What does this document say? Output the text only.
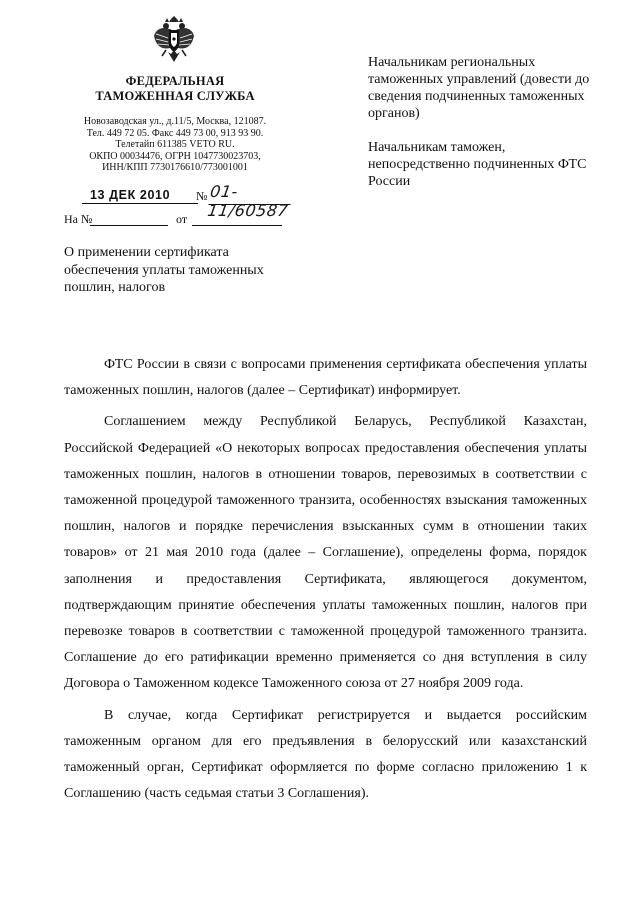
ФЕДЕРАЛЬНАЯ
ТАМОЖЕННАЯ СЛУЖБА
Новозаводская ул., д.11/5, Москва, 121087.
Тел. 449 72 05. Факс 449 73 00, 913 93 90.
Телетайп 611385 VETO RU.
ОКПО 00034476, ОГРН 1047730023703,
ИНН/КПП 7730176610/773001001
13 ДЕК 2010	№ 01-11/60587
На №	от

Начальникам региональных таможенных управлений (довести до сведения подчиненных таможенных органов)

Начальникам таможен, непосредственно подчиненных ФТС России

О применении сертификата обеспечения уплаты таможенных пошлин, налогов

ФТС России в связи с вопросами применения сертификата обеспечения уплаты таможенных пошлин, налогов (далее – Сертификат) информирует.

Соглашением между Республикой Беларусь, Республикой Казахстан, Российской Федерацией «О некоторых вопросах предоставления обеспечения уплаты таможенных пошлин, налогов в отношении товаров, перевозимых в соответствии с таможенной процедурой таможенного транзита, особенностях взыскания таможенных пошлин, налогов и порядке перечисления взысканных сумм в отношении таких товаров» от 21 мая 2010 года (далее – Соглашение), определены форма, порядок заполнения и предоставления Сертификата, являющегося документом, подтверждающим принятие обеспечения уплаты таможенных пошлин, налогов при перевозке товаров в соответствии с таможенной процедурой таможенного транзита. Соглашение до его ратификации временно применяется со дня вступления в силу Договора о Таможенном кодексе Таможенного союза от 27 ноября 2009 года.

В случае, когда Сертификат регистрируется и выдается российским таможенным органом для его предъявления в белорусский или казахстанский таможенный орган, Сертификат оформляется по форме согласно приложению 1 к Соглашению (часть седьмая статьи 3 Соглашения).
